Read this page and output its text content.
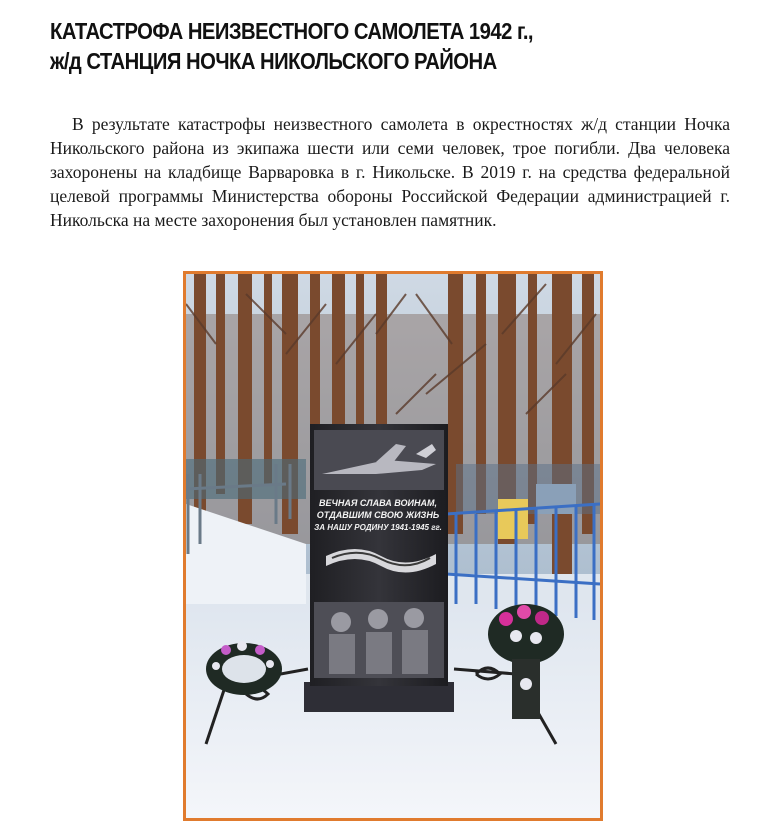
КАТАСТРОФА НЕИЗВЕСТНОГО САМОЛЕТА 1942 г.,
ж/д СТАНЦИЯ НОЧКА НИКОЛЬСКОГО РАЙОНА

В результате катастрофы неизвестного самолета в окрестностях ж/д станции Ночка Никольского района из экипажа шести или семи человек, трое погибли. Два человека захоронены на кладбище Варваровка в г. Никольске. В 2019 г. на средства федеральной целевой программы Министерства обороны Российской Федерации администрацией г. Никольска на месте захоронения был установлен памятник.

ВЕЧНАЯ СЛАВА ВОИНАМ,
ОТДАВШИМ СВОЮ ЖИЗНЬ
ЗА НАШУ РОДИНУ 1941-1945 гг.
